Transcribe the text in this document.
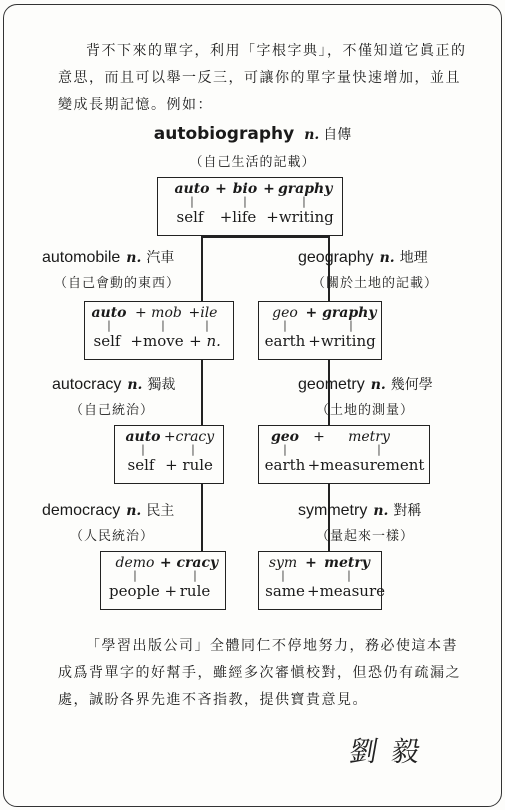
背不下來的單字，利用「字根字典」，不僅知道它眞正的意思，而且可以舉一反三，可讓你的單字量快速增加，並且變成長期記憶。例如：

autobiography n. 自傳
（自己生活的記載）
auto + bio + graphy
|	|	|
self	+life +writing
automobile n. 汽車
（自己會動的東西）
auto + mob +ile
|	|	|
self +move + n.
autocracy n. 獨裁
（自己統治）
auto +cracy
|	|
self + rule
democracy n. 民主
（人民統治）
demo + cracy
|	|
people + rule
geography n. 地理
（關於土地的記載）
geo + graphy
|	|
earth +writing
geometry n. 幾何學
（土地的測量）
geo +	metry
|	|
earth +measurement
symmetry n. 對稱
（量起來一樣）
sym + metry
|	|
same +measure

「學習出版公司」全體同仁不停地努力，務必使這本書成爲背單字的好幫手，雖經多次審愼校對，但恐仍有疏漏之處，誠盼各界先進不吝指教，提供寶貴意見。

劉毅
